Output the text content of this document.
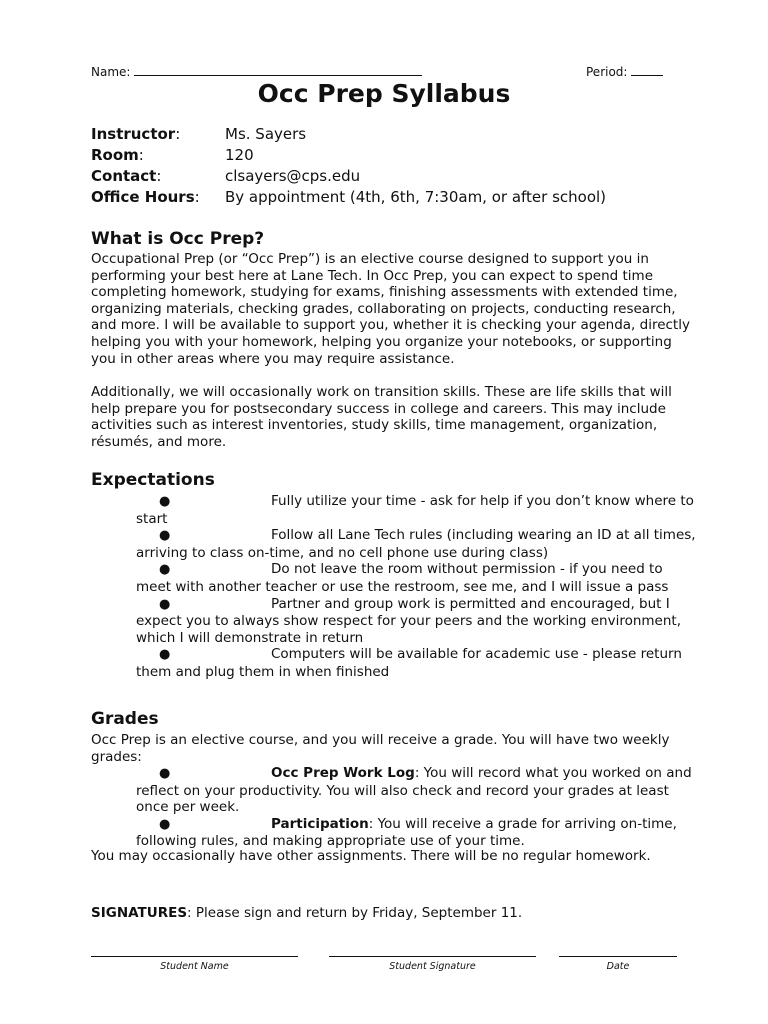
Name:	Period:
Occ Prep Syllabus
Instructor:	Ms. Sayers
Room:	120
Contact:	clsayers@cps.edu
Office Hours: By appointment (4th, 6th, 7:30am, or after school)
What is Occ Prep?

Occupational Prep (or “Occ Prep”) is an elective course designed to support you in performing your best here at Lane Tech. In Occ Prep, you can expect to spend time completing homework, studying for exams, finishing assessments with extended time, organizing materials, checking grades, collaborating on projects, conducting research, and more. I will be available to support you, whether it is checking your agenda, directly helping you with your homework, helping you organize your notebooks, or supporting you in other areas where you may require assistance.

Additionally, we will occasionally work on transition skills. These are life skills that will help prepare you for postsecondary success in college and careers. This may include activities such as interest inventories, study skills, time management, organization, résumés, and more.

Expectations

●	Fully utilize your time - ask for help if you don’t know where to start

●	Follow all Lane Tech rules (including wearing an ID at all times, arriving to class on-time, and no cell phone use during class)

●	Do not leave the room without permission - if you need to meet with another teacher or use the restroom, see me, and I will issue a pass

●	Partner and group work is permitted and encouraged, but I expect you to always show respect for your peers and the working environment, which I will demonstrate in return

●	Computers will be available for academic use - please return them and plug them in when finished

Grades

Occ Prep is an elective course, and you will receive a grade. You will have two weekly grades:

●	Occ Prep Work Log: You will record what you worked on and reflect on your productivity. You will also check and record your grades at least once per week.

●	Participation: You will receive a grade for arriving on-time, following rules, and making appropriate use of your time.

You may occasionally have other assignments. There will be no regular homework.

SIGNATURES: Please sign and return by Friday, September 11.
Student Name	Student Signature	Date
